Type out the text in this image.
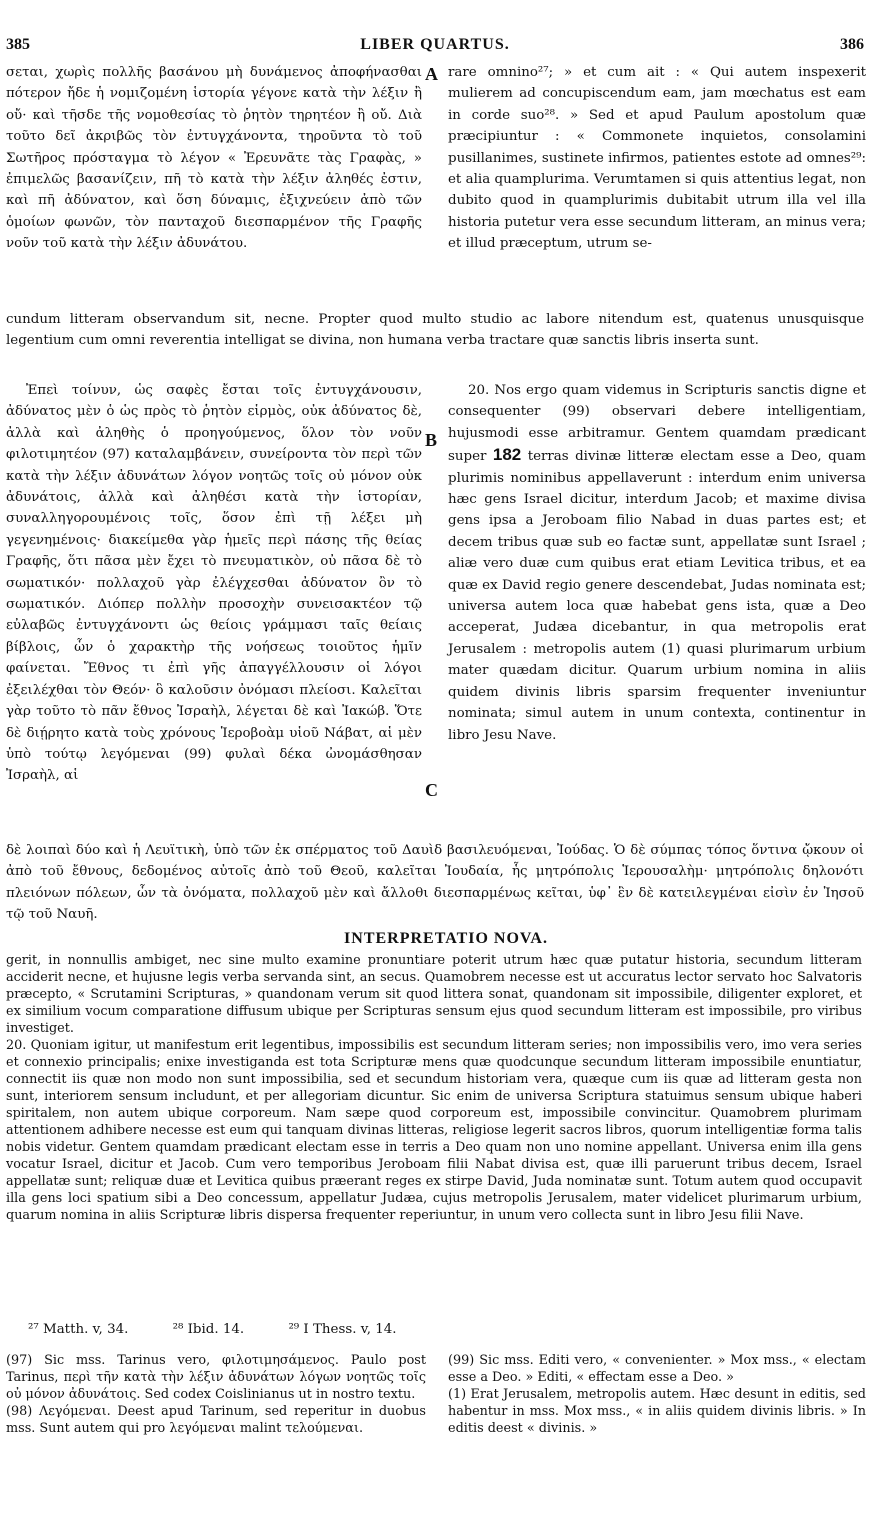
385	LIBER QUARTUS.	386

σεται, χωρὶς πολλῆς βασάνου μὴ δυνάμενος ἀποφήνασθαι πότερον ἤδε ἡ νομιζομένη ἱστορία γέγονε κατὰ τὴν λέξιν ἢ οὔ· καὶ τῆσδε τῆς νομοθεσίας τὸ ῥητὸν τηρητέον ἢ οὔ. Διὰ τοῦτο δεῖ ἀκριβῶς τὸν ἐντυγχάνοντα, τηροῦντα τὸ τοῦ Σωτῆρος πρόσταγμα τὸ λέγον « Ἐρευνᾶτε τὰς Γραφὰς, » ἐπιμελῶς βασανίζειν, πῆ τὸ κατὰ τὴν λέξιν ἀληθές ἐστιν, καὶ πῆ ἀδύνατον, καὶ ὅση δύναμις, ἐξιχνεύειν ἀπὸ τῶν ὁμοίων φωνῶν, τὸν πανταχοῦ διεσπαρμένον τῆς Γραφῆς νοῦν τοῦ κατὰ τὴν λέξιν ἀδυνάτου.

rare omnino²⁷; » et cum ait : « Qui autem inspexerit mulierem ad concupiscendum eam, jam mœchatus est eam in corde suo²⁸. » Sed et apud Paulum apostolum quæ præcipiuntur : « Commonete inquietos, consolamini pusillanimes, sustinete infirmos, patientes estote ad omnes²⁹: et alia quamplurima. Verumtamen si quis attentius legat, non dubito quod in quamplurimis dubitabit utrum illa vel illa historia putetur vera esse secundum litteram, an minus vera; et illud præceptum, utrum se-

A

cundum litteram observandum sit, necne. Propter quod multo studio ac labore nitendum est, quatenus unusquisque legentium cum omni reverentia intelligat se divina, non humana verba tractare quæ sanctis libris inserta sunt.

Ἐπεὶ τοίνυν, ὡς σαφὲς ἔσται τοῖς ἐντυγχάνουσιν, ἀδύνατος μὲν ὁ ὡς πρὸς τὸ ῥητὸν εἱρμὸς, οὐκ ἀδύνατος δὲ, ἀλλὰ καὶ ἀληθὴς ὁ προηγούμενος, ὅλον τὸν νοῦν φιλοτιμητέον (97) καταλαμβάνειν, συνείροντα τὸν περὶ τῶν κατὰ τὴν λέξιν ἀδυνάτων λόγον νοητῶς τοῖς οὐ μόνον οὐκ ἀδυνάτοις, ἀλλὰ καὶ ἀληθέσι κατὰ τὴν ἱστορίαν, συναλληγορουμένοις τοῖς, ὅσον ἐπὶ τῇ λέξει μὴ γεγενημένοις· διακείμεθα γὰρ ἡμεῖς περὶ πάσης τῆς θείας Γραφῆς, ὅτι πᾶσα μὲν ἔχει τὸ πνευματικὸν, οὐ πᾶσα δὲ τὸ σωματικόν· πολλαχοῦ γὰρ ἐλέγχεσθαι ἀδύνατον ὂν τὸ σωματικόν. Διόπερ πολλὴν προσοχὴν συνεισακτέον τῷ εὐλαβῶς ἐντυγχάνοντι ὡς θείοις γράμμασι ταῖς θείαις βίβλοις, ὧν ὁ χαρακτὴρ τῆς νοήσεως τοιοῦτος ἡμῖν φαίνεται. Ἔθνος τι ἐπὶ γῆς ἀπαγγέλλουσιν οἱ λόγοι ἐξειλέχθαι τὸν Θεόν· ὃ καλοῦσιν ὀνόμασι πλείοσι. Καλεῖται γὰρ τοῦτο τὸ πᾶν ἔθνος Ἰσραὴλ, λέγεται δὲ καὶ Ἰακώβ. Ὅτε δὲ διῄρητο κατὰ τοὺς χρόνους Ἱεροβοὰμ υἱοῦ Νάβατ, αἱ μὲν ὑπὸ τούτῳ λεγόμεναι (99) φυλαὶ δέκα ὠνομάσθησαν Ἰσραὴλ, αἱ

20. Nos ergo quam videmus in Scripturis sanctis digne et consequenter (99) observari debere intelligentiam, hujusmodi esse arbitramur. Gentem quamdam prædicant super 182 terras divinæ litteræ electam esse a Deo, quam plurimis nominibus appellaverunt : interdum enim universa hæc gens Israel dicitur, interdum Jacob; et maxime divisa gens ipsa a Jeroboam filio Nabad in duas partes est; et decem tribus quæ sub eo factæ sunt, appellatæ sunt Israel ; aliæ vero duæ cum quibus erat etiam Levitica tribus, et ea quæ ex David regio genere descendebat, Judas nominata est; universa autem loca quæ habebat gens ista, quæ a Deo acceperat, Judæa dicebantur, in qua metropolis erat Jerusalem : metropolis autem (1) quasi plurimarum urbium mater quædam dicitur. Quarum urbium nomina in aliis quidem divinis libris sparsim frequenter inveniuntur nominata; simul autem in unum contexta, continentur in libro Jesu Nave.

B
C

δὲ λοιπαὶ δύο καὶ ἡ Λευϊτικὴ, ὑπὸ τῶν ἐκ σπέρματος τοῦ Δαυὶδ βασιλευόμεναι, Ἰούδας. Ὁ δὲ σύμπας τόπος ὅντινα ᾤκουν οἱ ἀπὸ τοῦ ἔθνους, δεδομένος αὐτοῖς ἀπὸ τοῦ Θεοῦ, καλεῖται Ἰουδαία, ἧς μητρόπολις Ἱερουσαλὴμ· μητρόπολις δηλονότι πλειόνων πόλεων, ὧν τὰ ὀνόματα, πολλαχοῦ μὲν καὶ ἄλλοθι διεσπαρμένως κεῖται, ὑφ᾽ ἓν δὲ κατειλεγμέναι εἰσὶν ἐν Ἰησοῦ τῷ τοῦ Ναυῆ.

INTERPRETATIO NOVA.

gerit, in nonnullis ambiget, nec sine multo examine pronuntiare poterit utrum hæc quæ putatur historia, secundum litteram acciderit necne, et hujusne legis verba servanda sint, an secus. Quamobrem necesse est ut accuratus lector servato hoc Salvatoris præcepto, « Scrutamini Scripturas, » quandonam verum sit quod littera sonat, quandonam sit impossibile, diligenter exploret, et ex similium vocum comparatione diffusum ubique per Scripturas sensum ejus quod secundum litteram est impossibile, pro viribus investiget.

20. Quoniam igitur, ut manifestum erit legentibus, impossibilis est secundum litteram series; non impossibilis vero, imo vera series et connexio principalis; enixe investiganda est tota Scripturæ mens quæ quodcunque secundum litteram impossibile enuntiatur, connectit iis quæ non modo non sunt impossibilia, sed et secundum historiam vera, quæque cum iis quæ ad litteram gesta non sunt, interiorem sensum includunt, et per allegoriam dicuntur. Sic enim de universa Scriptura statuimus sensum ubique haberi spiritalem, non autem ubique corporeum. Nam sæpe quod corporeum est, impossibile convincitur. Quamobrem plurimam attentionem adhibere necesse est eum qui tanquam divinas litteras, religiose legerit sacros libros, quorum intelligentiæ forma talis nobis videtur. Gentem quamdam prædicant electam esse in terris a Deo quam non uno nomine appellant. Universa enim illa gens vocatur Israel, dicitur et Jacob. Cum vero temporibus Jeroboam filii Nabat divisa est, quæ illi paruerunt tribus decem, Israel appellatæ sunt; reliquæ duæ et Levitica quibus præerant reges ex stirpe David, Juda nominatæ sunt. Totum autem quod occupavit illa gens loci spatium sibi a Deo concessum, appellatur Judæa, cujus metropolis Jerusalem, mater videlicet plurimarum urbium, quarum nomina in aliis Scripturæ libris dispersa frequenter reperiuntur, in unum vero collecta sunt in libro Jesu filii Nave.

²⁷ Matth. v, 34.	²⁸ Ibid. 14.	²⁹ I Thess. v, 14.

(97) Sic mss. Tarinus vero, φιλοτιμησάμενος. Paulo post Tarinus, περὶ τῆν κατὰ τὴν λέξιν ἀδυνάτων λόγων νοητῶς τοῖς οὐ μόνον ἀδυνάτοις. Sed codex Coislinianus ut in nostro textu.

(98) Λεγόμεναι. Deest apud Tarinum, sed reperitur in duobus mss. Sunt autem qui pro λεγόμεναι malint τελούμεναι.

(99) Sic mss. Editi vero, « convenienter. » Mox mss., « electam esse a Deo. » Editi, « effectam esse a Deo. »

(1) Erat Jerusalem, metropolis autem. Hæc desunt in editis, sed habentur in mss. Mox mss., « in aliis quidem divinis libris. » In editis deest « divinis. »
